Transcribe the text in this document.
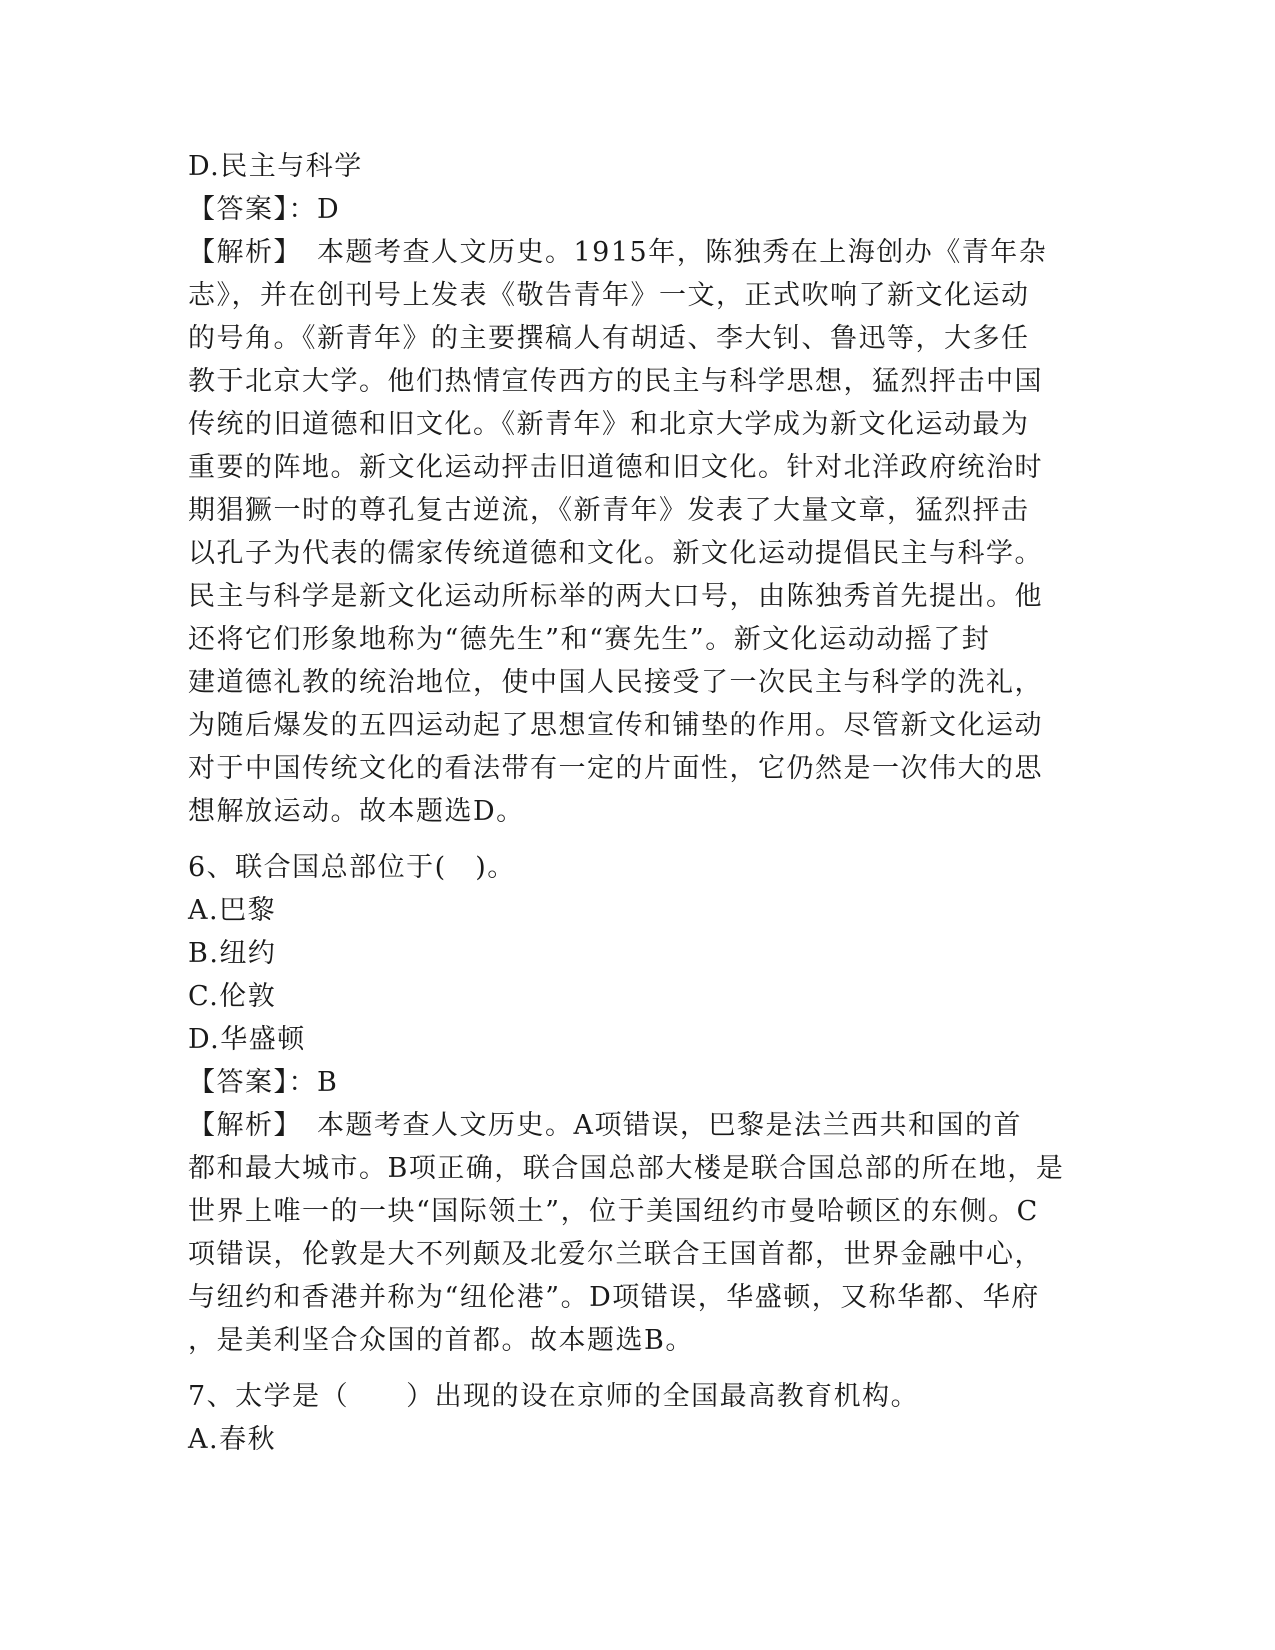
D.民主与科学
【答案】：D
【解析】　本题考查人文历史。1915年，陈独秀在上海创办《青年杂
志》，并在创刊号上发表《敬告青年》一文，正式吹响了新文化运动
的号角。《新青年》的主要撰稿人有胡适、李大钊、鲁迅等，大多任
教于北京大学。他们热情宣传西方的民主与科学思想，猛烈抨击中国
传统的旧道德和旧文化。《新青年》和北京大学成为新文化运动最为
重要的阵地。新文化运动抨击旧道德和旧文化。针对北洋政府统治时
期猖獗一时的尊孔复古逆流，《新青年》发表了大量文章，猛烈抨击
以孔子为代表的儒家传统道德和文化。新文化运动提倡民主与科学。
民主与科学是新文化运动所标举的两大口号，由陈独秀首先提出。他
还将它们形象地称为“德先生”和“赛先生”。新文化运动动摇了封
建道德礼教的统治地位，使中国人民接受了一次民主与科学的洗礼，
为随后爆发的五四运动起了思想宣传和铺垫的作用。尽管新文化运动
对于中国传统文化的看法带有一定的片面性，它仍然是一次伟大的思
想解放运动。故本题选D。
6、联合国总部位于(　)。
A.巴黎
B.纽约
C.伦敦
D.华盛顿
【答案】：B
【解析】　本题考查人文历史。A项错误，巴黎是法兰西共和国的首
都和最大城市。B项正确，联合国总部大楼是联合国总部的所在地，是
世界上唯一的一块“国际领土”，位于美国纽约市曼哈顿区的东侧。C
项错误，伦敦是大不列颠及北爱尔兰联合王国首都，世界金融中心，
与纽约和香港并称为“纽伦港”。D项错误，华盛顿，又称华都、华府
，是美利坚合众国的首都。故本题选B。
7、太学是（　　）出现的设在京师的全国最高教育机构。
A.春秋
